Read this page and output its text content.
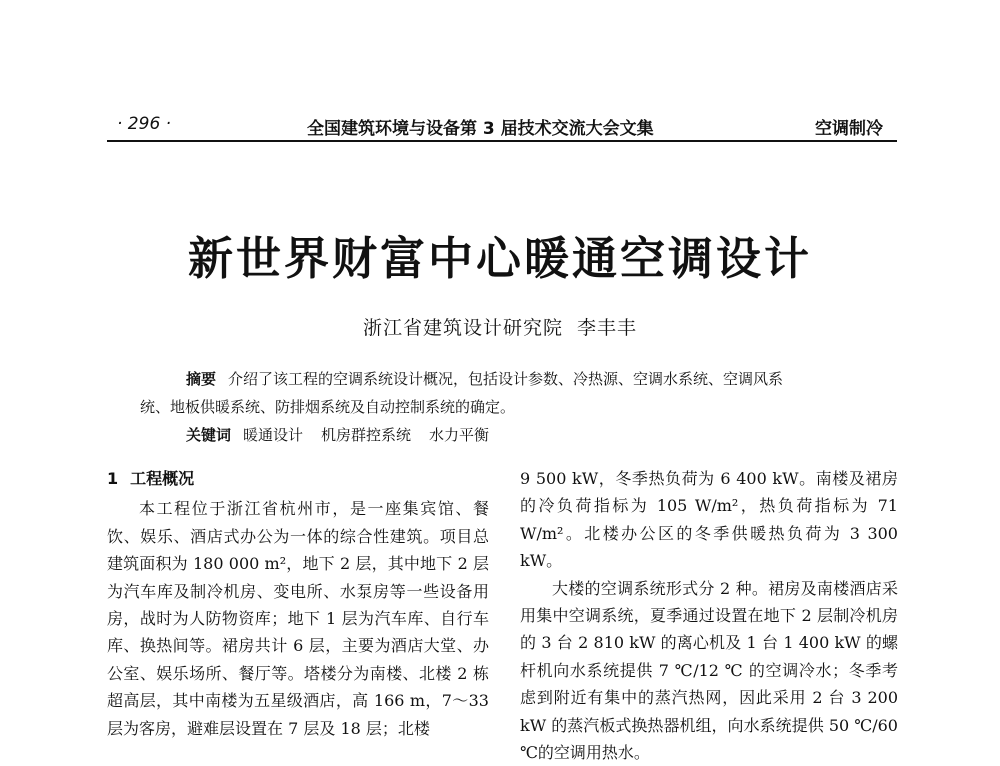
· 296 ·	全国建筑环境与设备第 3 届技术交流大会文集	空调制冷
新世界财富中心暖通空调设计
浙江省建筑设计研究院 李丰丰
摘要 介绍了该工程的空调系统设计概况，包括设计参数、冷热源、空调水系统、空调风系
统、地板供暖系统、防排烟系统及自动控制系统的确定。
关键词 暖通设计 机房群控系统 水力平衡
1 工程概况

本工程位于浙江省杭州市，是一座集宾馆、餐饮、娱乐、酒店式办公为一体的综合性建筑。项目总建筑面积为 180 000 m²，地下 2 层，其中地下 2 层为汽车库及制冷机房、变电所、水泵房等一些设备用房，战时为人防物资库；地下 1 层为汽车库、自行车库、换热间等。裙房共计 6 层，主要为酒店大堂、办公室、娱乐场所、餐厅等。塔楼分为南楼、北楼 2 栋超高层，其中南楼为五星级酒店，高 166 m，7～33 层为客房，避难层设置在 7 层及 18 层；北楼

9 500 kW，冬季热负荷为 6 400 kW。南楼及裙房的冷负荷指标为 105 W/m²，热负荷指标为 71 W/m²。北楼办公区的冬季供暖热负荷为 3 300 kW。

大楼的空调系统形式分 2 种。裙房及南楼酒店采用集中空调系统，夏季通过设置在地下 2 层制冷机房的 3 台 2 810 kW 的离心机及 1 台 1 400 kW 的螺杆机向水系统提供 7 ℃/12 ℃ 的空调冷水；冬季考虑到附近有集中的蒸汽热网，因此采用 2 台 3 200 kW 的蒸汽板式换热器机组，向水系统提供 50 ℃/60 ℃的空调用热水。
